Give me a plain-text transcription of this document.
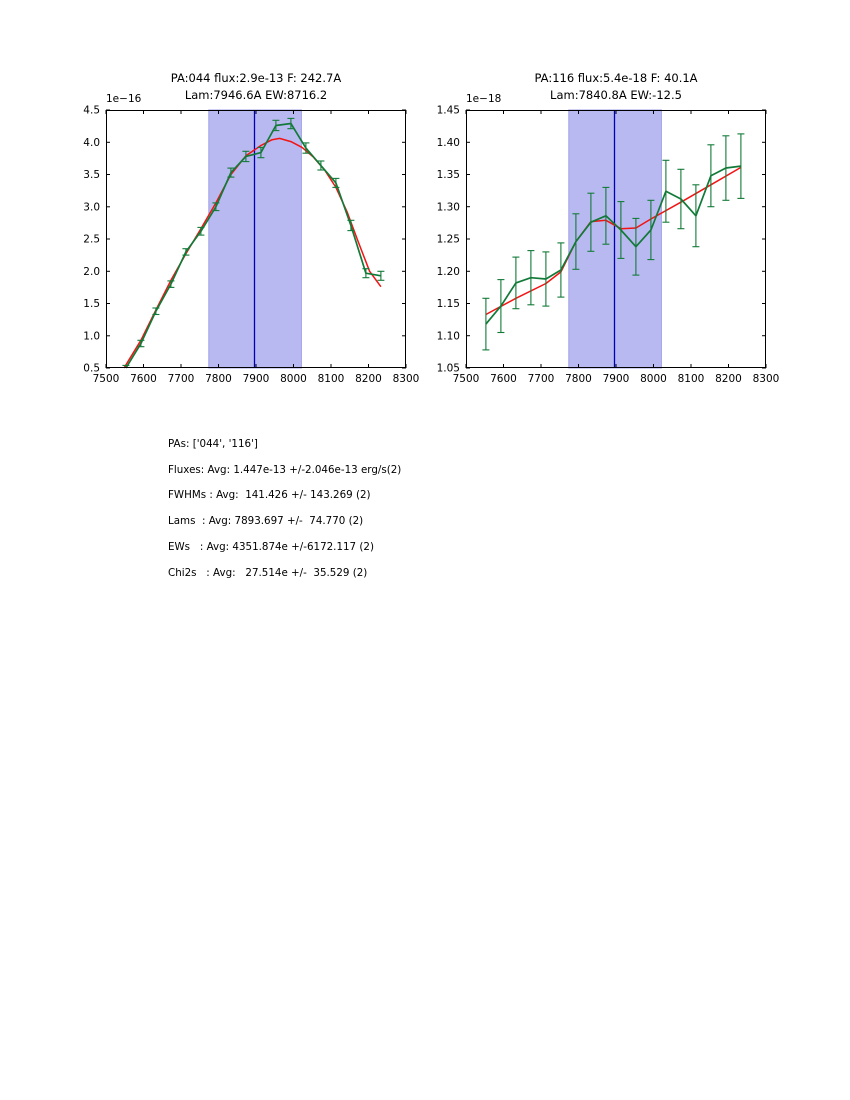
7500 7600 7700 7800 7900 8000 8100 8200 8300
0.5
1.0
1.5
2.0
2.5
3.0
3.5
4.0
4.5
7500 7600 7700 7800 7900 8000 8100 8200 8300
1.05
1.10
1.15
1.20
1.25
1.30
1.35
1.40
1.45
PA:044 flux:2.9e-13 F: 242.7A
Lam:7946.6A EW:8716.2
PA:116 flux:5.4e-18 F: 40.1A
Lam:7840.8A EW:-12.5
1e−16	1e−18
PAs: ['044', '116']
Fluxes: Avg: 1.447e-13 +/-2.046e-13 erg/s(2)
FWHMs : Avg:  141.426 +/- 143.269 (2)
Lams  : Avg: 7893.697 +/-  74.770 (2)
EWs   : Avg: 4351.874e +/-6172.117 (2)
Chi2s   : Avg:   27.514e +/-  35.529 (2)
